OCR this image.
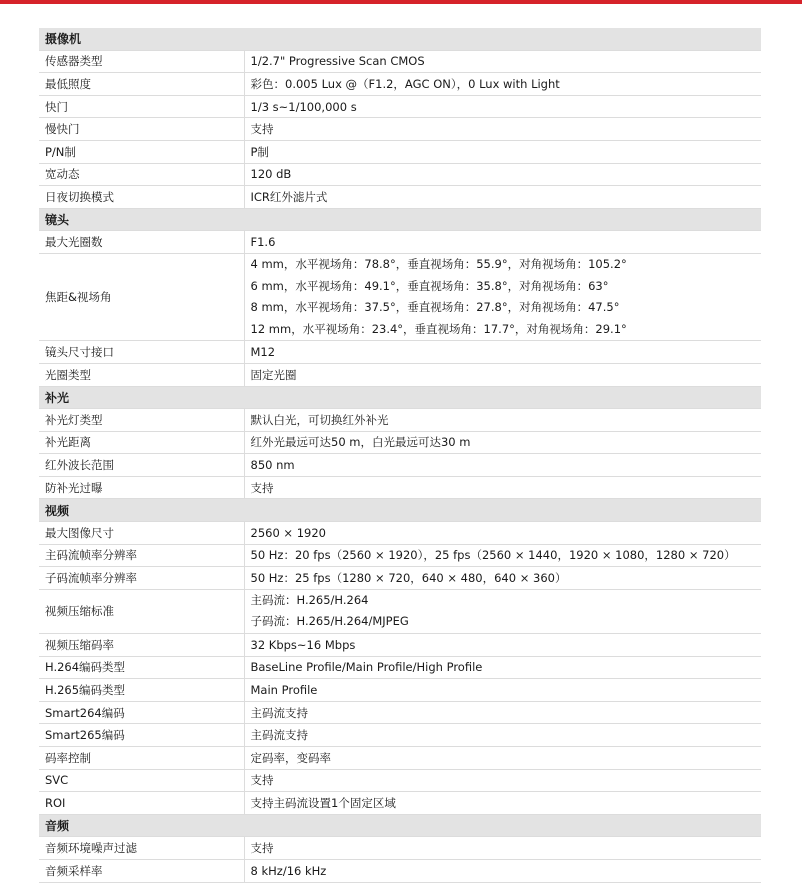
摄像机	
传感器类型	1/2.7" Progressive Scan CMOS

最低照度	彩色：0.005 Lux @（F1.2，AGC ON），0 Lux with Light

快门	1/3 s~1/100,000 s

慢快门	支持

P/N制	P制

宽动态	120 dB

日夜切换模式	ICR红外滤片式

镜头	
最大光圈数	F1.6

焦距&视场角	4 mm，水平视场角：78.8°，垂直视场角：55.9°，对角视场角：105.2°
6 mm，水平视场角：49.1°，垂直视场角：35.8°，对角视场角：63°
8 mm，水平视场角：37.5°，垂直视场角：27.8°，对角视场角：47.5°
12 mm，水平视场角：23.4°，垂直视场角：17.7°，对角视场角：29.1°

镜头尺寸接口	M12

光圈类型	固定光圈

补光	
补光灯类型	默认白光，可切换红外补光

补光距离	红外光最远可达50 m，白光最远可达30 m

红外波长范围	850 nm

防补光过曝	支持

视频	
最大图像尺寸	2560 × 1920

主码流帧率分辨率	50 Hz：20 fps（2560 × 1920），25 fps（2560 × 1440，1920 × 1080，1280 × 720）

子码流帧率分辨率	50 Hz：25 fps（1280 × 720，640 × 480，640 × 360）

视频压缩标准	主码流：H.265/H.264
子码流：H.265/H.264/MJPEG

视频压缩码率	32 Kbps~16 Mbps

H.264编码类型	BaseLine Profile/Main Profile/High Profile

H.265编码类型	Main Profile

Smart264编码	主码流支持

Smart265编码	主码流支持

码率控制	定码率，变码率

SVC	支持

ROI	支持主码流设置1个固定区域

音频	
音频环境噪声过滤	支持

音频采样率	8 kHz/16 kHz
